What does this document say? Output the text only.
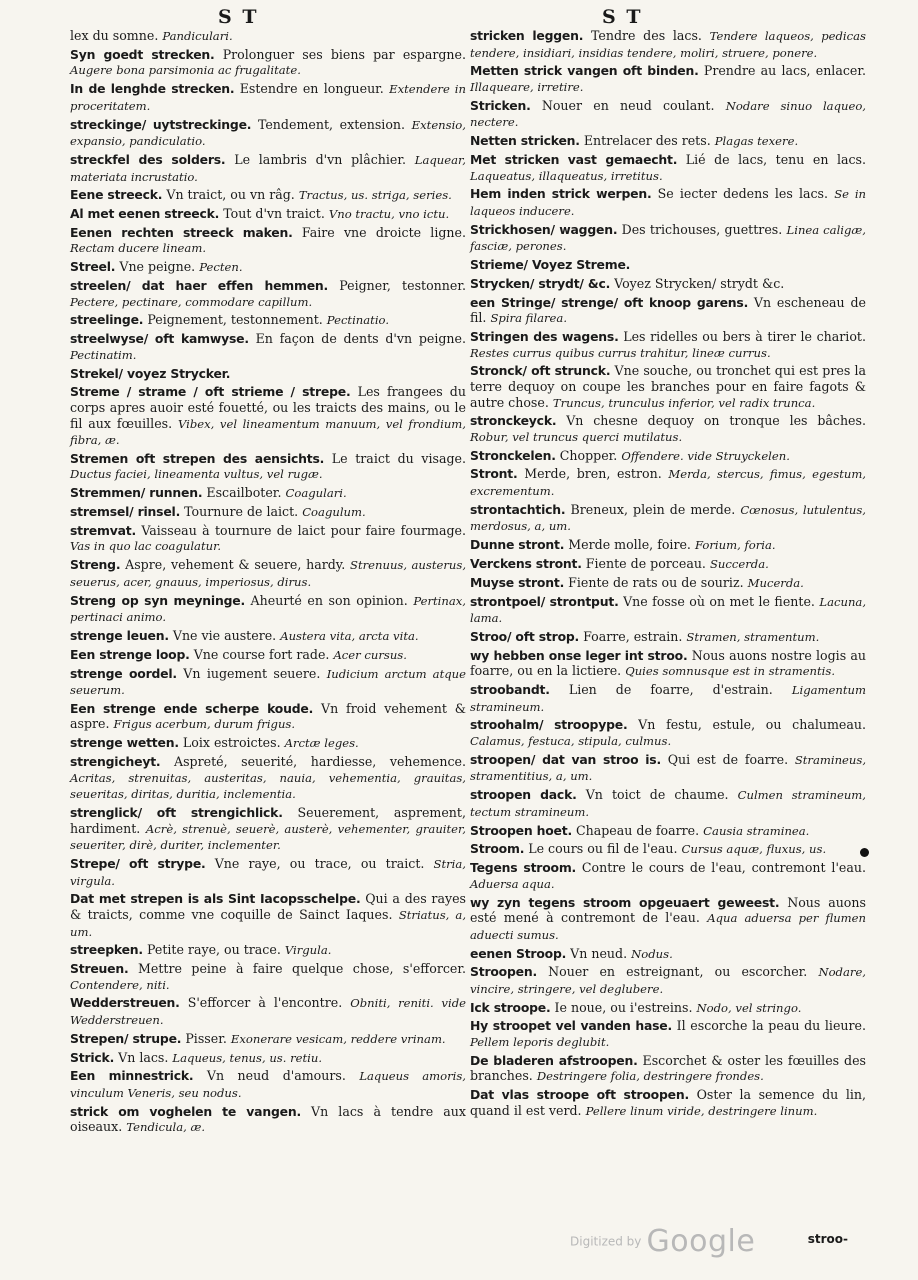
S T	S T

lex du somne. Pandiculari.

Syn goedt strecken. Prolonguer ses biens par espargne. Augere bona parsimonia ac frugalitate.

In de lenghde strecken. Estendre en longueur. Extendere in proceritatem.

streckinge/ uytstreckinge. Tendement, extension. Extensio, expansio, pandiculatio.

streckfel des solders. Le lambris d'vn plâchier. Laquear, materiata incrustatio.

Eene streeck. Vn traict, ou vn râg. Tractus, us. striga, series.

Al met eenen streeck. Tout d'vn traict. Vno tractu, vno ictu.

Eenen rechten streeck maken. Faire vne droicte ligne. Rectam ducere lineam.

Streel. Vne peigne. Pecten.

streelen/ dat haer effen hemmen. Peigner, testonner. Pectere, pectinare, commodare capillum.

streelinge. Peignement, testonnement. Pectinatio.

streelwyse/ oft kamwyse. En façon de dents d'vn peigne. Pectinatim.

Strekel/ voyez Strycker.

Streme / strame / oft strieme / strepe. Les frangees du corps apres auoir esté fouetté, ou les traicts des mains, ou le fil aux fœuilles. Vibex, vel lineamentum manuum, vel frondium, fibra, æ.

Stremen oft strepen des aensichts. Le traict du visage. Ductus faciei, lineamenta vultus, vel rugæ.

Stremmen/ runnen. Escailboter. Coagulari.

stremsel/ rinsel. Tournure de laict. Coagulum.

stremvat. Vaisseau à tournure de laict pour faire fourmage. Vas in quo lac coagulatur.

Streng. Aspre, vehement & seuere, hardy. Strenuus, austerus, seuerus, acer, gnauus, imperiosus, dirus.

Streng op syn meyninge. Aheurté en son opinion. Pertinax, pertinaci animo.

strenge leuen. Vne vie austere. Austera vita, arcta vita.

Een strenge loop. Vne course fort rade. Acer cursus.

strenge oordel. Vn iugement seuere. Iudicium arctum atque seuerum.

Een strenge ende scherpe koude. Vn froid vehement & aspre. Frigus acerbum, durum frigus.

strenge wetten. Loix estroictes. Arctæ leges.

strengicheyt. Aspreté, seuerité, hardiesse, vehemence. Acritas, strenuitas, austeritas, nauia, vehementia, grauitas, seueritas, diritas, duritia, inclementia.

strenglick/ oft strengichlick. Seuerement, asprement, hardiment. Acrè, strenuè, seuerè, austerè, vehementer, grauiter, seueriter, dirè, duriter, inclementer.

Strepe/ oft strype. Vne raye, ou trace, ou traict. Stria, virgula.

Dat met strepen is als Sint Iacopsschelpe. Qui a des rayes & traicts, comme vne coquille de Sainct Iaques. Striatus, a, um.

streepken. Petite raye, ou trace. Virgula.

Streuen. Mettre peine à faire quelque chose, s'efforcer. Contendere, niti.

Wedderstreuen. S'efforcer à l'encontre. Obniti, reniti. vide Wedderstreuen.

Strepen/ strupe. Pisser. Exonerare vesicam, reddere vrinam.

Strick. Vn lacs. Laqueus, tenus, us. retiu.

Een minnestrick. Vn neud d'amours. Laqueus amoris, vinculum Veneris, seu nodus.

strick om voghelen te vangen. Vn lacs à tendre aux oiseaux. Tendicula, æ.

stricken leggen. Tendre des lacs. Tendere laqueos, pedicas tendere, insidiari, insidias tendere, moliri, struere, ponere.

Metten strick vangen oft binden. Prendre au lacs, enlacer. Illaqueare, irretire.

Stricken. Nouer en neud coulant. Nodare sinuo laqueo, nectere.

Netten stricken. Entrelacer des rets. Plagas texere.

Met stricken vast gemaecht. Lié de lacs, tenu en lacs. Laqueatus, illaqueatus, irretitus.

Hem inden strick werpen. Se iecter dedens les lacs. Se in laqueos inducere.

Strickhosen/ waggen. Des trichouses, guettres. Linea caligæ, fasciæ, perones.

Strieme/ Voyez Streme.

Strycken/ strydt/ &c. Voyez Strycken/ strydt &c.

een Stringe/ strenge/ oft knoop garens. Vn escheneau de fil. Spira filarea.

Stringen des wagens. Les ridelles ou bers à tirer le chariot. Restes currus quibus currus trahitur, lineæ currus.

Stronck/ oft strunck. Vne souche, ou tronchet qui est pres la terre dequoy on coupe les branches pour en faire fagots & autre chose. Truncus, trunculus inferior, vel radix trunca.

stronckeyck. Vn chesne dequoy on tronque les bâches. Robur, vel truncus querci mutilatus.

Stronckelen. Chopper. Offendere. vide Struyckelen.

Stront. Merde, bren, estron. Merda, stercus, fimus, egestum, excrementum.

strontachtich. Breneux, plein de merde. Cœnosus, lutulentus, merdosus, a, um.

Dunne stront. Merde molle, foire. Forium, foria.

Verckens stront. Fiente de porceau. Succerda.

Muyse stront. Fiente de rats ou de souriz. Mucerda.

strontpoel/ strontput. Vne fosse où on met le fiente. Lacuna, lama.

Stroo/ oft strop. Foarre, estrain. Stramen, stramentum.

wy hebben onse leger int stroo. Nous auons nostre logis au foarre, ou en la lictiere. Quies somnusque est in stramentis.

stroobandt. Lien de foarre, d'estrain. Ligamentum stramineum.

stroohalm/ stroopype. Vn festu, estule, ou chalumeau. Calamus, festuca, stipula, culmus.

stroopen/ dat van stroo is. Qui est de foarre. Stramineus, stramentitius, a, um.

stroopen dack. Vn toict de chaume. Culmen stramineum, tectum stramineum.

Stroopen hoet. Chapeau de foarre. Causia straminea.

Stroom. Le cours ou fil de l'eau. Cursus aquæ, fluxus, us.

Tegens stroom. Contre le cours de l'eau, contremont l'eau. Aduersa aqua.

wy zyn tegens stroom opgeuaert geweest. Nous auons esté mené à contremont de l'eau. Aqua aduersa per flumen aduecti sumus.

eenen Stroop. Vn neud. Nodus.

Stroopen. Nouer en estreignant, ou escorcher. Nodare, vincire, stringere, vel deglubere.

Ick stroope. Ie noue, ou i'estreins. Nodo, vel stringo.

Hy stroopet vel vanden hase. Il escorche la peau du lieure. Pellem leporis deglubit.

De bladeren afstroopen. Escorchet & oster les fœuilles des branches. Destringere folia, destringere frondes.

Dat vlas stroope oft stroopen. Oster la semence du lin, quand il est verd. Pellere linum viride, destringere linum.

Digitized by Google	stroo-
